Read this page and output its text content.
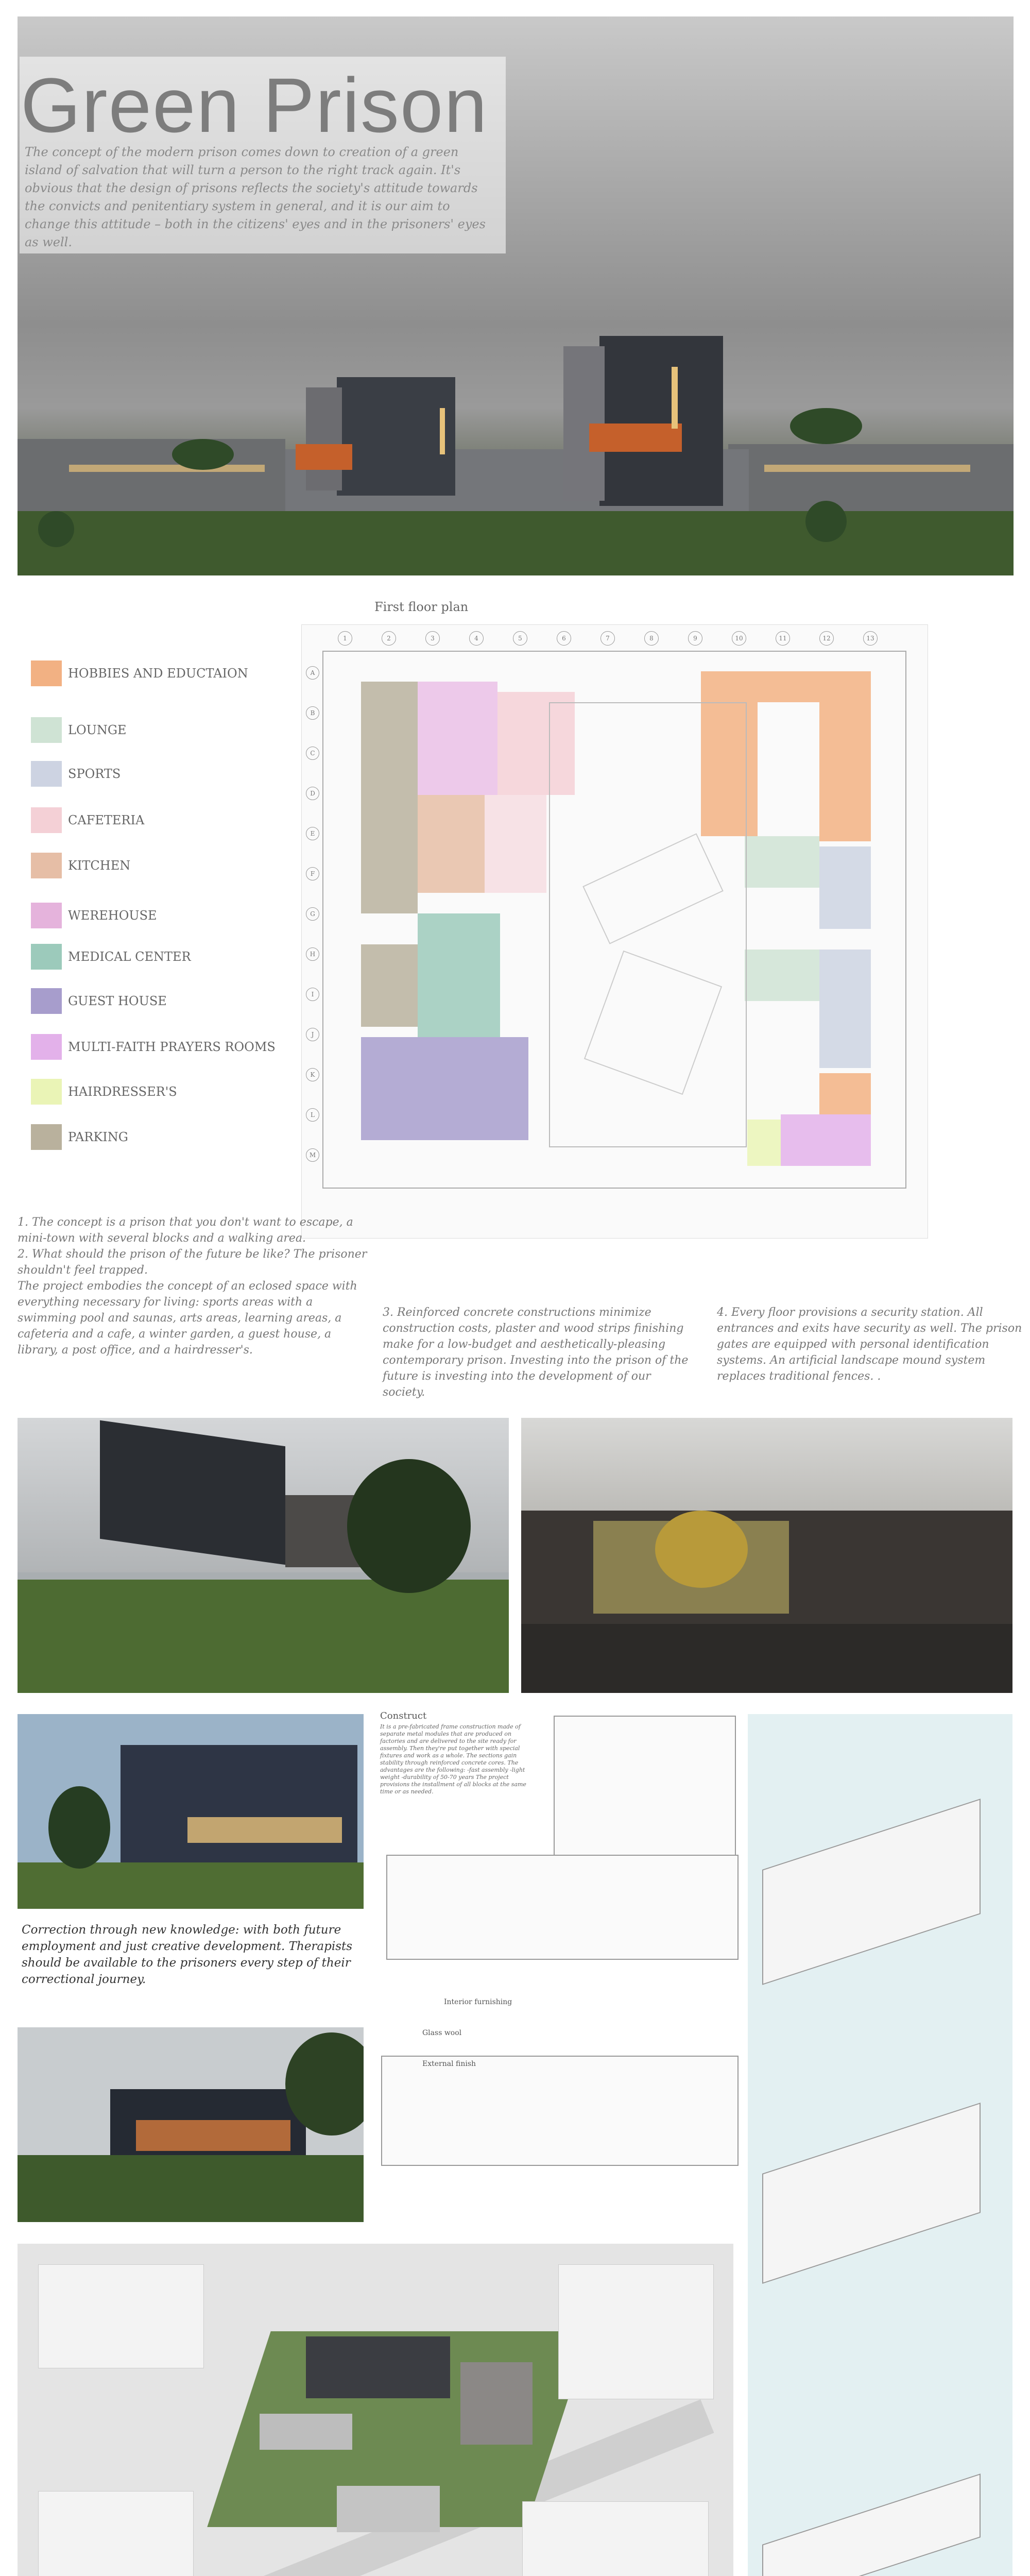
Green Prison

The concept of the modern prison comes down to creation of a green island of salvation that will turn a person to the right track again. It's obvious that the design of prisons reflects the society's attitude towards the convicts and penitentiary system in general, and it is our aim to change this attitude – both in the citizens' eyes and in the prisoners' eyes as well.

First floor plan
HOBBIES AND EDUCTAION
LOUNGE
SPORTS
CAFETERIA
KITCHEN
WEREHOUSE
MEDICAL CENTER
GUEST HOUSE
MULTI-FAITH PRAYERS ROOMS
HAIRDRESSER'S
PARKING
1	2	3	4	5	6	7	8	9	10	11	12	13
A
B
C
D
E
F
G
H
I
J
K
L
M
1. The concept is a prison that you don't want to escape, a mini-town with several blocks and a walking area.
2. What should the prison of the future be like? The prisoner shouldn't feel trapped.
The project embodies the concept of an eclosed space with everything necessary for living: sports areas with a swimming pool and saunas, arts areas, learning areas, a cafeteria and a cafe, a winter garden, a guest house, a library, a post office, and a hairdresser's.
3. Reinforced concrete constructions minimize construction costs, plaster and wood strips finishing make for a low-budget and aesthetically-pleasing contemporary prison. Investing into the prison of the future is investing into the development of our society.
4. Every floor provisions a security station. All entrances and exits have security as well. The prison gates are equipped with personal identification systems. An artificial landscape mound system replaces traditional fences. .
Correction through new knowledge: with both future employment and just creative development. Therapists should be available to the prisoners every step of their correctional journey.
Construct
It is a pre-fabricated frame construction made of separate metal modules that are produced on factories and are delivered to the site ready for assembly. Then they're put together with special fixtures and work as a whole. The sections gain stability through reinforced concrete cores. The advantages are the following: -fast assembly -light weight -durability of 50-70 years The project provisions the installment of all blocks at the same time or as needed.
Interior furnishing
Glass wool
External finish
